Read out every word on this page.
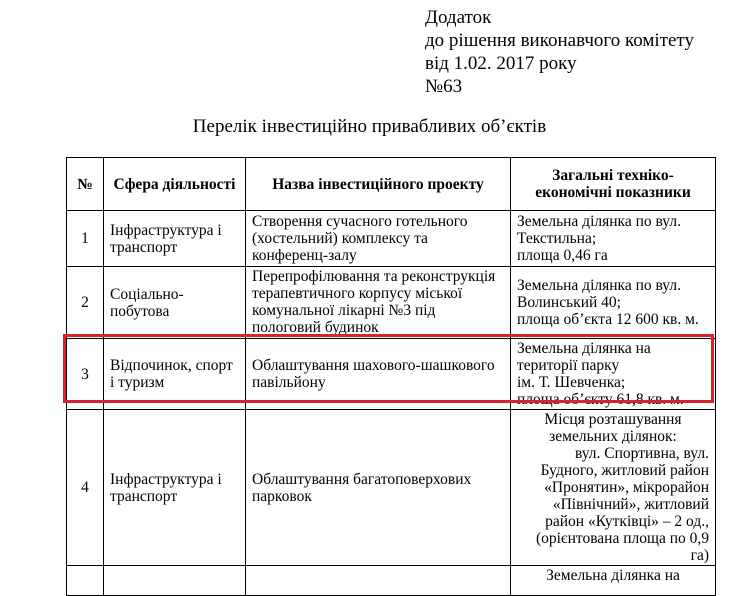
Додаток
до рішення виконавчого комітету
від 1.02. 2017 року
№63
Перелік інвестиційно привабливих об’єктів
№	Сфера діяльності	Назва інвестиційного проекту	Загальні техніко-економічні показники
1	Інфраструктура і транспорт	Створення сучасного готельного (хостельний) комплексу та конференц-залу	Земельна ділянка по вул. Текстильна;
площа 0,46 га

2	Соціально-побутова	Перепрофілювання та реконструкція терапевтичного корпусу міської комунальної лікарні №3 під пологовий будинок	Земельна ділянка по вул. Волинський 40;
площа об’єкта 12 600 кв. м.

3	Відпочинок, спорт і туризм	Облаштування шахового-шашкового павільйону	Земельна ділянка на території парку
ім. Т. Шевченка;
площа об’єкту 61,8 кв. м.

4	Інфраструктура і транспорт	Облаштування багатоповерхових парковок	Місця розташування земельних ділянок:
вул. Спортивна, вул. Будного, житловий район «Пронятин», мікрорайон «Північний», житловий район «Кутківці» – 2 од., (орієнтована площа по 0,9 га)

			Земельна ділянка на
